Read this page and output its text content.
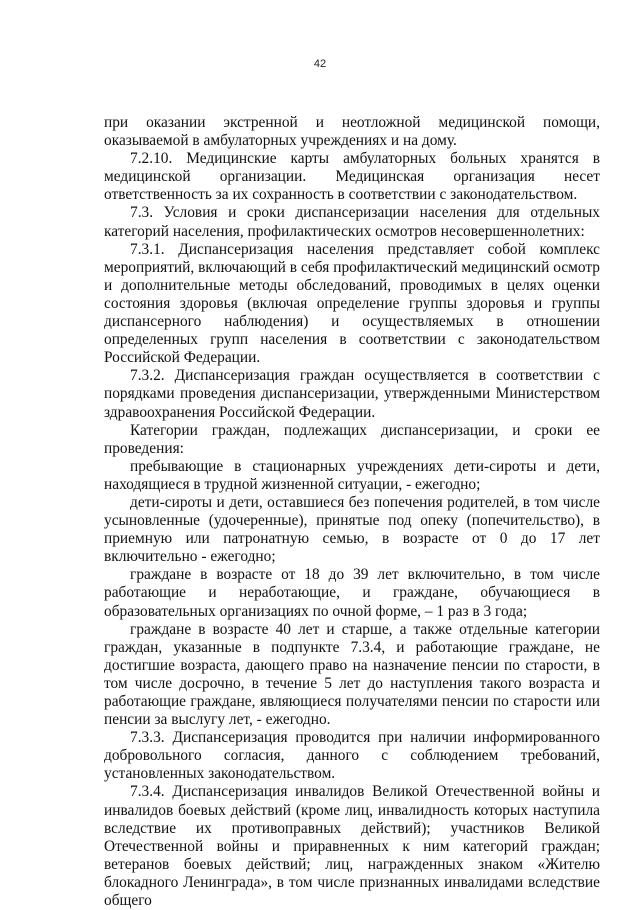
42

при оказании экстренной и неотложной медицинской помощи, оказываемой в амбулаторных учреждениях и на дому.

7.2.10. Медицинские карты амбулаторных больных хранятся в медицинской организации. Медицинская организация несет ответственность за их сохранность в соответствии с законодательством.

7.3. Условия и сроки диспансеризации населения для отдельных категорий населения, профилактических осмотров несовершеннолетних:

7.3.1. Диспансеризация населения представляет собой комплекс мероприятий, включающий в себя профилактический медицинский осмотр и дополнительные методы обследований, проводимых в целях оценки состояния здоровья (включая определение группы здоровья и группы диспансерного наблюдения) и осуществляемых в отношении определенных групп населения в соответствии с законодательством Российской Федерации.

7.3.2. Диспансеризация граждан осуществляется в соответствии с порядками проведения диспансеризации, утвержденными Министерством здравоохранения Российской Федерации.

Категории граждан, подлежащих диспансеризации, и сроки ее проведения:

пребывающие в стационарных учреждениях дети-сироты и дети, находящиеся в трудной жизненной ситуации, - ежегодно;

дети-сироты и дети, оставшиеся без попечения родителей, в том числе усыновленные (удочеренные), принятые под опеку (попечительство), в приемную или патронатную семью, в возрасте от 0 до 17 лет включительно - ежегодно;

граждане в возрасте от 18 до 39 лет включительно, в том числе работающие и неработающие, и граждане, обучающиеся в образовательных организациях по очной форме, – 1 раз в 3 года;

граждане в возрасте 40 лет и старше, а также отдельные категории граждан, указанные в подпункте 7.3.4, и работающие граждане, не достигшие возраста, дающего право на назначение пенсии по старости, в том числе досрочно, в течение 5 лет до наступления такого возраста и работающие граждане, являющиеся получателями пенсии по старости или пенсии за выслугу лет, - ежегодно.

7.3.3. Диспансеризация проводится при наличии информированного добровольного согласия, данного с соблюдением требований, установленных законодательством.

7.3.4. Диспансеризация инвалидов Великой Отечественной войны и инвалидов боевых действий (кроме лиц, инвалидность которых наступила вследствие их противоправных действий); участников Великой Отечественной войны и приравненных к ним категорий граждан; ветеранов боевых действий; лиц, награжденных знаком «Жителю блокадного Ленинграда», в том числе признанных инвалидами вследствие общего
